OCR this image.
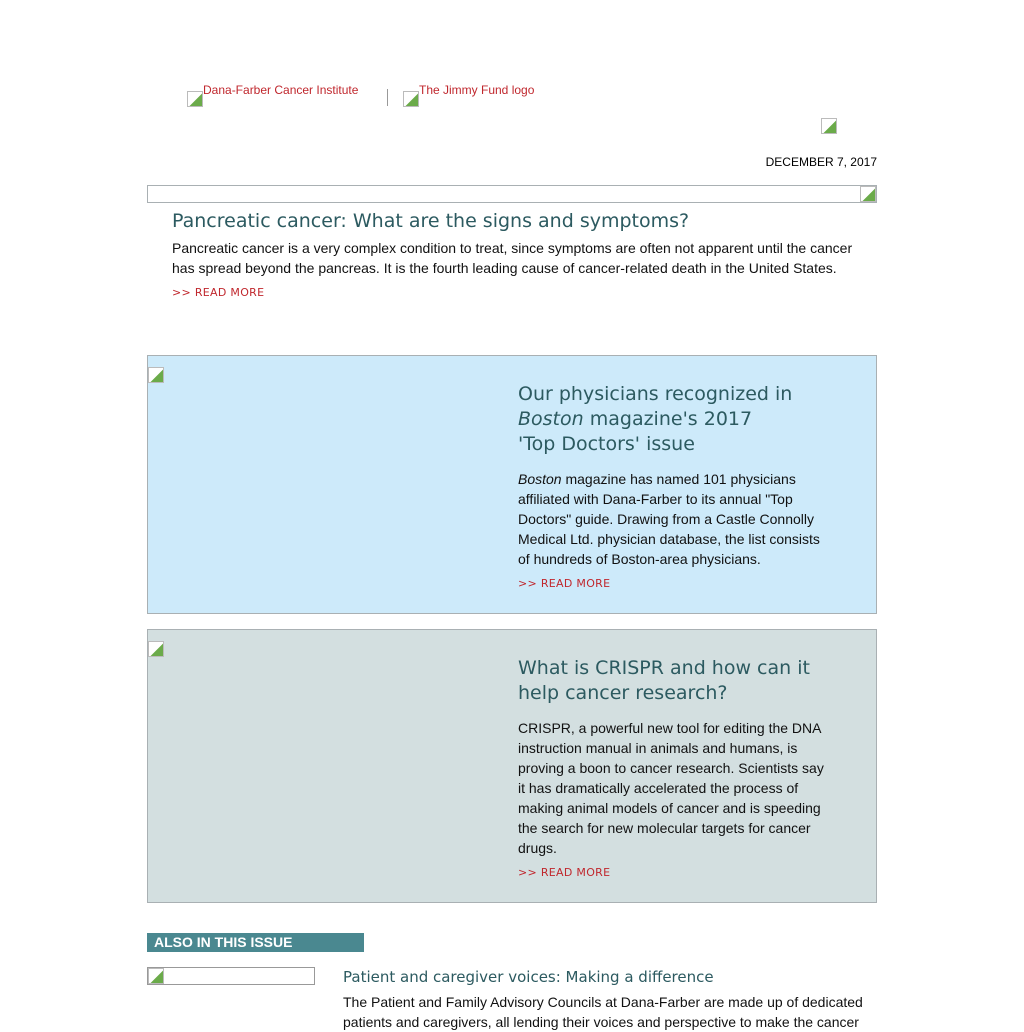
Dana-Farber Cancer Institute	The Jimmy Fund logo
DECEMBER 7, 2017
Pancreatic cancer: What are the signs and symptoms?
Pancreatic cancer is a very complex condition to treat, since symptoms are often not apparent until the cancer has spread beyond the pancreas. It is the fourth leading cause of cancer-related death in the United States.
>> READ MORE
Our physicians recognized in
Boston magazine's 2017
'Top Doctors' issue
Boston magazine has named 101 physicians affiliated with Dana-Farber to its annual "Top Doctors" guide. Drawing from a Castle Connolly Medical Ltd. physician database, the list consists of hundreds of Boston-area physicians.
>> READ MORE
What is CRISPR and how can it help cancer research?
CRISPR, a powerful new tool for editing the DNA instruction manual in animals and humans, is proving a boon to cancer research. Scientists say it has dramatically accelerated the process of making animal models of cancer and is speeding the search for new molecular targets for cancer drugs.
>> READ MORE
ALSO IN THIS ISSUE
Patient and caregiver voices: Making a difference
The Patient and Family Advisory Councils at Dana-Farber are made up of dedicated patients and caregivers, all lending their voices and perspective to make the cancer
